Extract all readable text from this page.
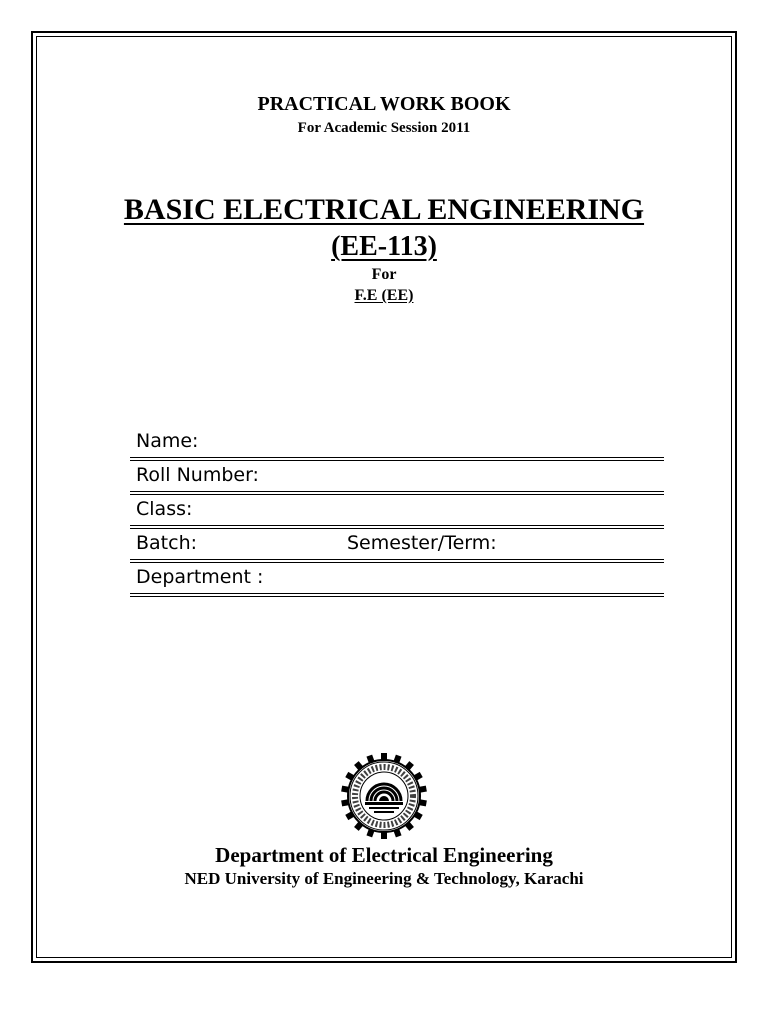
PRACTICAL WORK BOOK
For Academic Session 2011
BASIC ELECTRICAL ENGINEERING
(EE-113)
For
F.E (EE)
Name:
Roll Number:
Class:
Batch:	Semester/Term:
Department :
Department of Electrical Engineering
NED University of Engineering & Technology, Karachi
